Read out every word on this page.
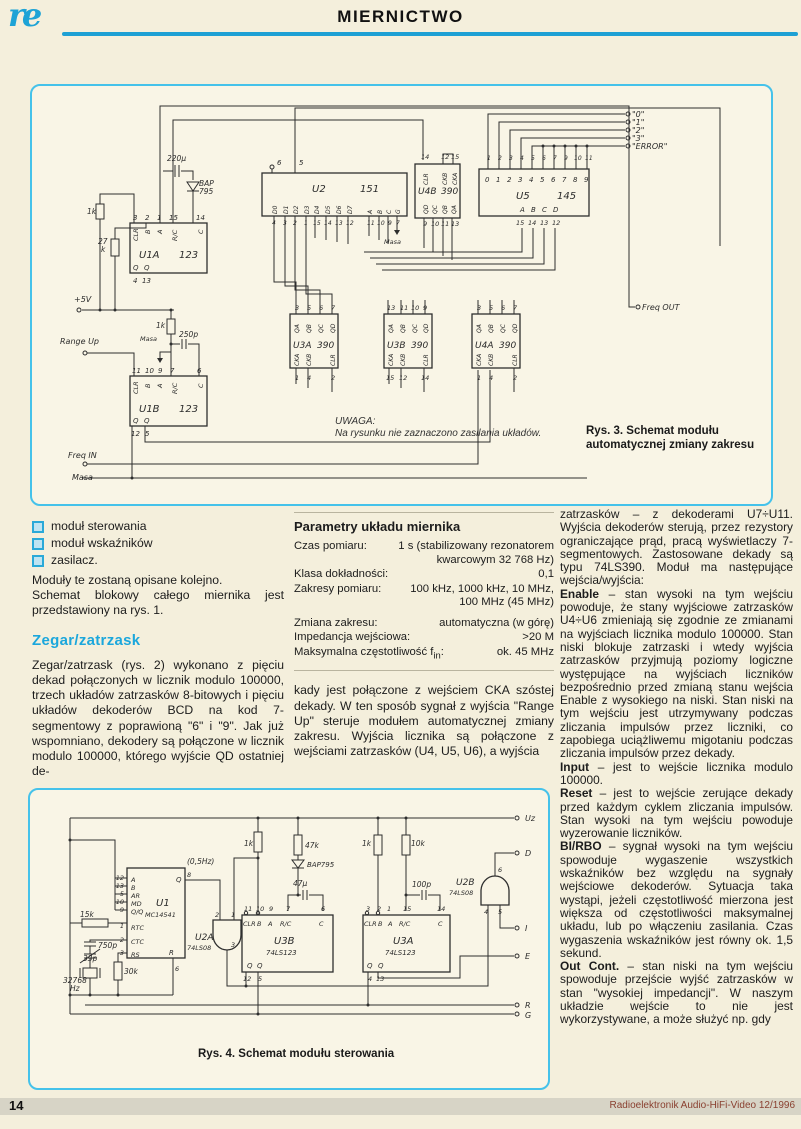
re	MIERNICTWO
+5V
Range Up
Freq IN
Masa
"0"
"1"
"2"
"3"
"ERROR"
Freq OUT
220µ
BAP
795
1k
27
k
1k
250p
Masa
Masa
3 2 1 15	14
CLR B A R/C	C
U1A 123
Q Q
4 13
6	5
U2	151
D0 D1 D2 D3 D4 D5 D6 D7
4 3 2 1 15 14 13 12
A B C G
11 10 9 7
14 12 15
CLR CKB CKA
U4B 390
QD QC QB QA
9 10 11 13
1 2 3 4 5 6 7 9 10 11
0 1 2 3 4 5 6 7 8 9
U5	145
A B C D
15 14 13 12
3 5 6 7
QA QB QC QD
U3A 390
CKA CKB	CLR
1 4	2
13 11 10 9
QA QB QC QD
U3B 390
CKA CKB	CLR
15 12 14
3 5 6 7
QA QB QC QD
U4A 390
CKA CKB	CLR
1 4	2
11 10 9 7	6
CLR B A R/C	C
U1B 123
Q Q
12 5
UWAGA:
Na rysunku nie zaznaczono zasilania układów.	Rys. 3. Schemat modułu
automatycznej zmiany zakresu
moduł sterowania
moduł wskaźników
zasilacz.

Moduły te zostaną opisane kolejno.

Schemat blokowy całego miernika jest przedstawiony na rys. 1.

Zegar/zatrzask

Zegar/zatrzask (rys. 2) wykonano z pięciu dekad połączonych w licznik modulo 100000, trzech układów zatrzasków 8-bitowych i pięciu układów dekoderów BCD na kod 7-segmentowy z poprawioną "6" i "9". Jak już wspomniano, dekodery są połączone w licznik modulo 100000, którego wyjście QD ostatniej de-

Parametry układu miernika
Czas pomiaru:	1 s (stabilizowany rezonatorem kwarcowym 32 768 Hz)
Klasa dokładności:	0,1
Zakresy pomiaru:	100 kHz, 1000 kHz, 10 MHz, 100 MHz (45 MHz)
Zmiana zakresu:	automatyczna (w górę)
Impedancja wejściowa:	>20 M
Maksymalna częstotliwość $f_{in}$:	ok. 45 MHz

kady jest połączone z wejściem CKA szóstej dekady. W ten sposób sygnał z wyjścia "Range Up" steruje modułem automatycznej zmiany zakresu. Wyjścia licznika są połączone z wejściami zatrzasków (U4, U5, U6), a wyjścia

zatrzasków – z dekoderami U7÷U11. Wyjścia dekoderów sterują, przez rezystory ograniczające prąd, pracą wyświetlaczy 7-segmentowych. Zastosowane dekady są typu 74LS390. Moduł ma następujące wejścia/wyjścia:

Enable – stan wysoki na tym wejściu powoduje, że stany wyjściowe zatrzasków U4÷U6 zmieniają się zgodnie ze zmianami na wyjściach licznika modulo 100000. Stan niski blokuje zatrzaski i wtedy wyjścia zatrzasków przyjmują poziomy logiczne występujące na wyjściach liczników bezpośrednio przed zmianą stanu wejścia Enable z wysokiego na niski. Stan niski na tym wejściu jest utrzymywany podczas zliczania impulsów przez liczniki, co zapobiega uciążliwemu migotaniu podczas zliczania impulsów przez dekady.

Input – jest to wejście licznika modulo 100000.

Reset – jest to wejście zerujące dekady przed każdym cyklem zliczania impulsów. Stan wysoki na tym wejściu powoduje wyzerowanie liczników.

BI/RBO – sygnał wysoki na tym wejściu spowoduje wygaszenie wszystkich wskaźników bez względu na sygnały wejściowe dekoderów. Sytuacja taka wystąpi, jeżeli częstotliwość mierzona jest większa od częstotliwości maksymalnej układu, lub po włączeniu zasilania. Czas wygaszenia wskaźników jest równy ok. 1,5 sekund.

Out Cont. – stan niski na tym wejściu spowoduje przejście wyjść zatrzasków w stan "wysokiej impedancji". W naszym układzie wejście to nie jest wykorzystywane, a może służyć np. gdy

(0,5Hz)
12
13
5
10
9
1
2
3
A
B
AR
MD
Q/Q
RTC
CTC
RS
U1
MC14541
Q
8
R
6
15k
750p
33p
30k
32768
Hz
U2A
74LS08
2 1
3
1k	47k
BAP795
47µ
1k	10k
100p
11 10 9 7	6
CLR B A R/C	C
U3B
74LS123
Q Q
12 5
3 2 1 15	14
CLR B A R/C	C
U3A
74LS123
Q Q
4 13
U2B
74LS08
6
4 5
Uz
D
I
E
R
G
Rys. 4. Schemat modułu sterowania
14	Radioelektronik Audio-HiFi-Video 12/1996
